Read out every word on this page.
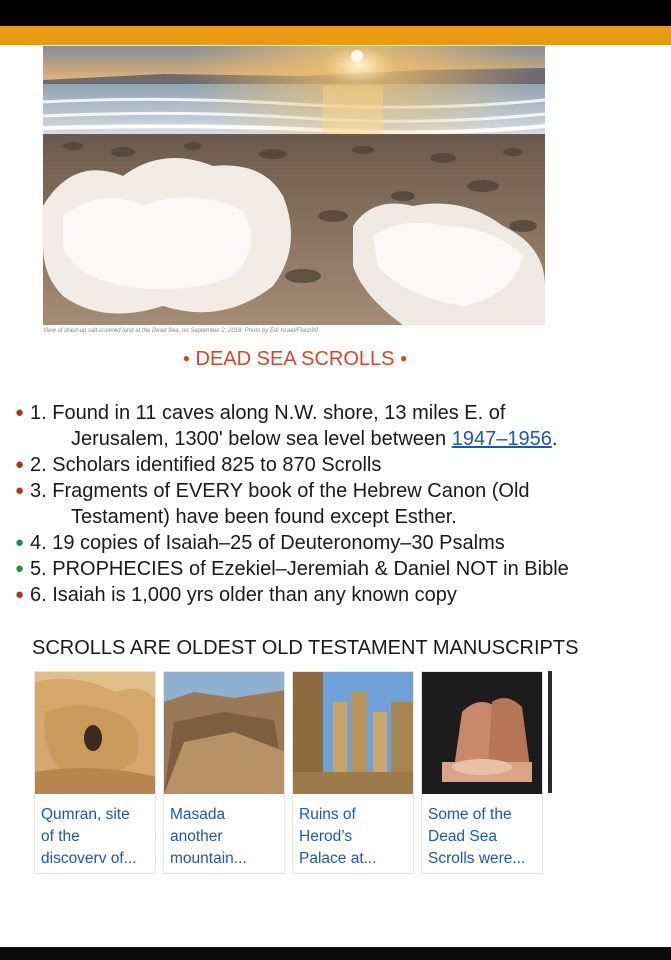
View of dried-up salt-covered land at the Dead Sea, on September 2, 2018. Photo by Edi Israel/Flash90
● DEAD SEA SCROLLS ●
● 1. Found in 11 caves along N.W. shore, 13 miles E. of
Jerusalem, 1300' below sea level between 1947–1956.
● 2. Scholars identified 825 to 870 Scrolls
● 3. Fragments of EVERY book of the Hebrew Canon (Old
Testament) have been found except Esther.
● 4. 19 copies of Isaiah–25 of Deuteronomy–30 Psalms
● 5. PROPHECIES of Ezekiel–Jeremiah & Daniel NOT in Bible
● 6. Isaiah is 1,000 yrs older than any known copy
SCROLLS ARE OLDEST OLD TESTAMENT MANUSCRIPTS
Qumran, site
of the
discoverv of...
Masada
another
mountain...
Ruins of
Herod’s
Palace at...
Some of the
Dead Sea
Scrolls were...
